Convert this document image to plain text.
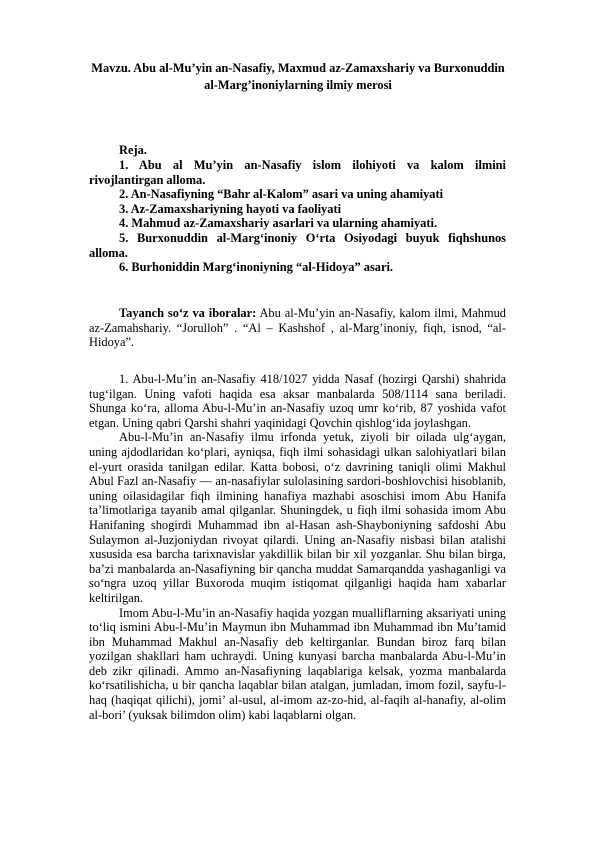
Mavzu. Abu al-Mu’yin an-Nasafiy, Maxmud az-Zamaxshariy va Burxonuddin al-Marg’inoniylarning ilmiy merosi
Reja.

1. Abu al Mu’yin an-Nasafiy islom ilohiyoti va kalom ilmini rivojlantirgan alloma.

2. An-Nasafiyning “Bahr al-Kalom” asari va uning ahamiyati

3. Az-Zamaxshariyning hayoti va faoliyati

4. Mahmud az-Zamaxshariy asarlari va ularning ahamiyati.

5. Burxonuddin al-Marg‘inoniy O‘rta Osiyodagi buyuk fiqhshunos alloma.

6. Burhoniddin Marg‘inoniyning “al-Hidoya” asari.

Tayanch so‘z va iboralar: Abu al-Mu’yin an-Nasafiy, kalom ilmi, Mahmud az-Zamahshariy. “Jorulloh” . “Al – Kashshof , al-Marg’inoniy, fiqh, isnod, “al-Hidoya”.

1. Abu-l-Mu’in an-Nasafiy 418/1027 yidda Nasaf (hozirgi Qarshi) shahrida tug‘ilgan. Uning vafoti haqida esa aksar manbalarda 508/1114 sana beriladi. Shunga ko‘ra, alloma Abu-l-Mu’in an-Nasafiy uzoq umr ko‘rib, 87 yoshida vafot etgan. Uning qabri Qarshi shahri yaqinidagi Qovchin qishlog‘ida joylashgan.

Abu-l-Mu’in an-Nasafiy ilmu irfonda yetuk, ziyoli bir oilada ulg‘aygan, uning ajdodlaridan ko‘plari, ayniqsa, fiqh ilmi sohasidagi ulkan salohiyatlari bilan el-yurt orasida tanilgan edilar. Katta bobosi, o‘z davrining taniqli olimi Makhul Abul Fazl an-Nasafiy — an-nasafiylar sulolasining sardori-boshlovchisi hisoblanib, uning oilasidagilar fiqh ilmining hanafiya mazhabi asoschisi imom Abu Hanifa ta’limotlariga tayanib amal qilganlar. Shuningdek, u fiqh ilmi sohasida imom Abu Hanifaning shogirdi Muhammad ibn al-Hasan ash-Shayboniyning safdoshi Abu Sulaymon al-Juzjoniydan rivoyat qilardi. Uning an-Nasafiy nisbasi bilan atalishi xususida esa barcha tarixnavislar yakdillik bilan bir xil yozganlar. Shu bilan birga, ba’zi manbalarda an-Nasafiyning bir qancha muddat Samarqandda yashaganligi va so‘ngra uzoq yillar Buxoroda muqim istiqomat qilganligi haqida ham xabarlar keltirilgan.

Imom Abu-l-Mu’in an-Nasafiy haqida yozgan mualliflarning aksariyati uning to‘liq ismini Abu-l-Mu’in Maymun ibn Muhammad ibn Muhammad ibn Mu’tamid ibn Muhammad Makhul an-Nasafiy deb keltirganlar. Bundan biroz farq bilan yozilgan shakllari ham uchraydi. Uning kunyasi barcha manbalarda Abu-l-Mu’in deb zikr qilinadi. Ammo an-Nasafiyning laqablariga kelsak, yozma manbalarda ko‘rsatilishicha, u bir qancha laqablar bilan atalgan, jumladan, imom fozil, sayfu-l-haq (haqiqat qilichi), jomi’ al-usul, al-imom az-zo-hid, al-faqih al-hanafiy, al-olim al-bori’ (yuksak bilimdon olim) kabi laqablarni olgan.
